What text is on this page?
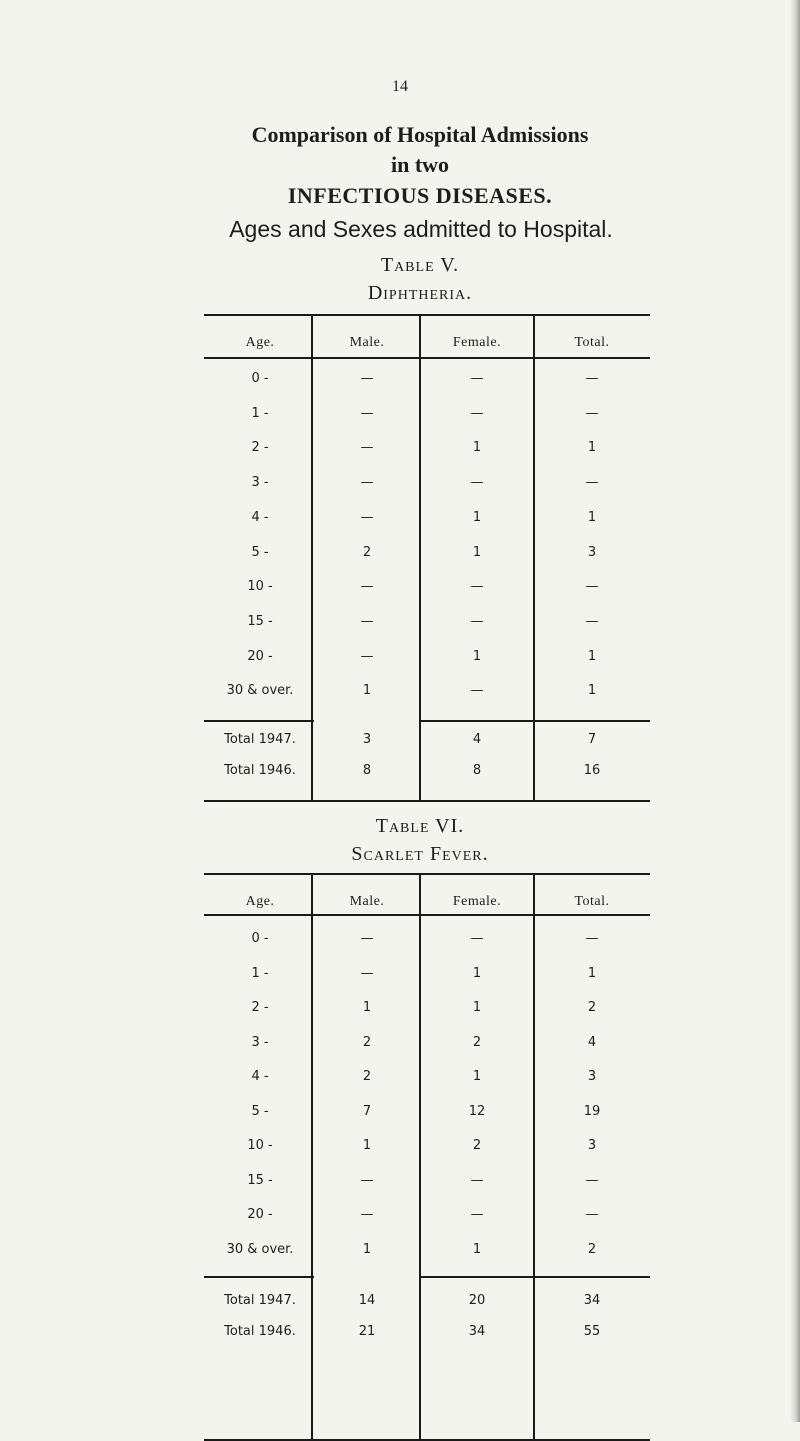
14
Comparison of Hospital Admissions
in two
INFECTIOUS DISEASES.
Ages and Sexes admitted to Hospital.
Table V.
Diphtheria.
Age.	Male.	Female.	Total.
0 -	—	—	—
1 -	—	—	—
2 -	—	1	1
3 -	—	—	—
4 -	—	1	1
5 -	2	1	3
10 -	—	—	—
15 -	—	—	—
20 -	—	1	1
30 & over.	1	—	1
Total 1947.	3	4	7
Total 1946.	8	8	16
Table VI.
Scarlet Fever.
Age.	Male.	Female.	Total.
0 -	—	—	—
1 -	—	1	1
2 -	1	1	2
3 -	2	2	4
4 -	2	1	3
5 -	7	12	19
10 -	1	2	3
15 -	—	—	—
20 -	—	—	—
30 & over.	1	1	2
Total 1947.	14	20	34
Total 1946.	21	34	55
